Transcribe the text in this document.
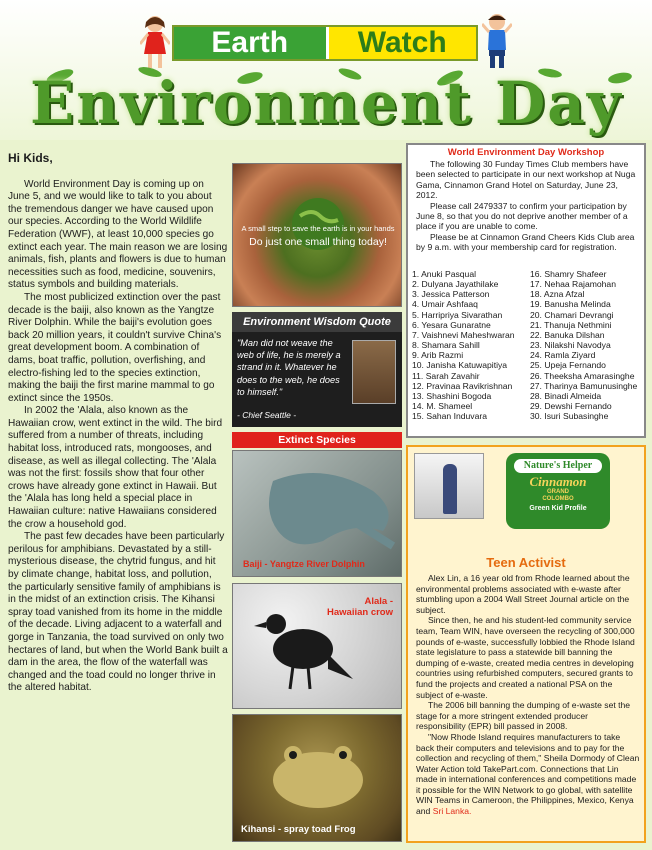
Earth	Watch
Environment Day

Hi Kids,

World Environment Day is coming up on June 5, and we would like to talk to you about the tremendous danger we have caused upon our species. According to the World Wildlife Federation (WWF), at least 10,000 species go extinct each year. The main reason we are losing animals, fish, plants and flowers is due to human necessities such as food, medicine, souvenirs, status symbols and building materials.

The most publicized extinction over the past decade is the baiji, also known as the Yangtze River Dolphin. While the baiji's evolution goes back 20 million years, it couldn't survive China's great development boom. A combination of dams, boat traffic, pollution, overfishing, and electro-fishing led to the species extinction, making the baiji the first marine mammal to go extinct since the 1950s.

In 2002 the 'Alala, also known as the Hawaiian crow, went extinct in the wild. The bird suffered from a number of threats, including habitat loss, introduced rats, mongooses, and disease, as well as illegal collecting. The 'Alala was not the first: fossils show that four other crows have already gone extinct in Hawaii. But the 'Alala has long held a special place in Hawaiian culture: native Hawaiians considered the crow a household god.

The past few decades have been particularly perilous for amphibians. Devastated by a still-mysterious disease, the chytrid fungus, and hit by climate change, habitat loss, and pollution, the particularly sensitive family of amphibians is in the midst of an extinction crisis. The Kihansi spray toad vanished from its home in the middle of the decade. Living adjacent to a waterfall and gorge in Tanzania, the toad survived on only two hectares of land, but when the World Bank built a dam in the area, the flow of the waterfall was changed and the toad could no longer thrive in the altered habitat.

A small step to save the earth is in your hands
Do just one small thing today!
Environment Wisdom Quote
"Man did not weave the web of life, he is merely a strand in it. Whatever he does to the web, he does to himself."
- Chief Seattle -
Extinct Species
Baiji - Yangtze River Dolphin
Alala - Hawaiian crow
Kihansi - spray toad Frog
World Environment Day Workshop

The following 30 Funday Times Club members have been selected to participate in our next workshop at Nuga Gama, Cinnamon Grand Hotel on Saturday, June 23, 2012.

Please call 2479337 to confirm your participation by June 8, so that you do not deprive another member of a place if you are unable to come.

Please be at Cinnamon Grand Cheers Kids Club area by 9 a.m. with your membership card for registration.

1. Anuki Pasqual
2. Dulyana Jayathilake
3. Jessica Patterson
4. Umair Ashfaaq
5. Harripriya Sivarathan
6. Yesara Gunaratne
7. Vaishnevi Maheshwaran
8. Shamara Sahill
9. Arib Razmi
10. Janisha Katuwapitiya
11. Sarah Zavahir
12. Pravinaa Ravikrishnan
13. Shashini Bogoda
14. M. Shameel
15. Sahan Induvara
16. Shamry Shafeer
17. Nehaa Rajamohan
18. Azna Afzal
19. Banusha Melinda
20. Chamari Devrangi
21. Thanuja Nethmini
22. Banuka Dilshan
23. Nilakshi Navodya
24. Ramla Ziyard
25. Upeja Fernando
26. Theeksha Amarasinghe
27. Tharinya Bamunusinghe
28. Binadi Almeida
29. Dewshi Fernando
30. Isuri Subasinghe
Nature's Helper
Cinnamon
GRAND
COLOMBO
Green Kid Profile
Teen Activist

Alex Lin, a 16 year old from Rhode learned about the environmental problems associated with e-waste after stumbling upon a 2004 Wall Street Journal article on the subject.

Since then, he and his student-led community service team, Team WIN, have overseen the recycling of 300,000 pounds of e-waste, successfully lobbied the Rhode Island state legislature to pass a statewide bill banning the dumping of e-waste, created media centres in developing countries using refurbished computers, secured grants to fund the projects and created a national PSA on the subject of e-waste.

The 2006 bill banning the dumping of e-waste set the stage for a more stringent extended producer responsibility (EPR) bill passed in 2008.

"Now Rhode Island requires manufacturers to take back their computers and televisions and to pay for the collection and recycling of them," Sheila Dormody of Clean Water Action told TakePart.com. Connections that Lin made in international conferences and competitions made it possible for the WIN Network to go global, with satellite WIN Teams in Cameroon, the Philippines, Mexico, Kenya and Sri Lanka.
